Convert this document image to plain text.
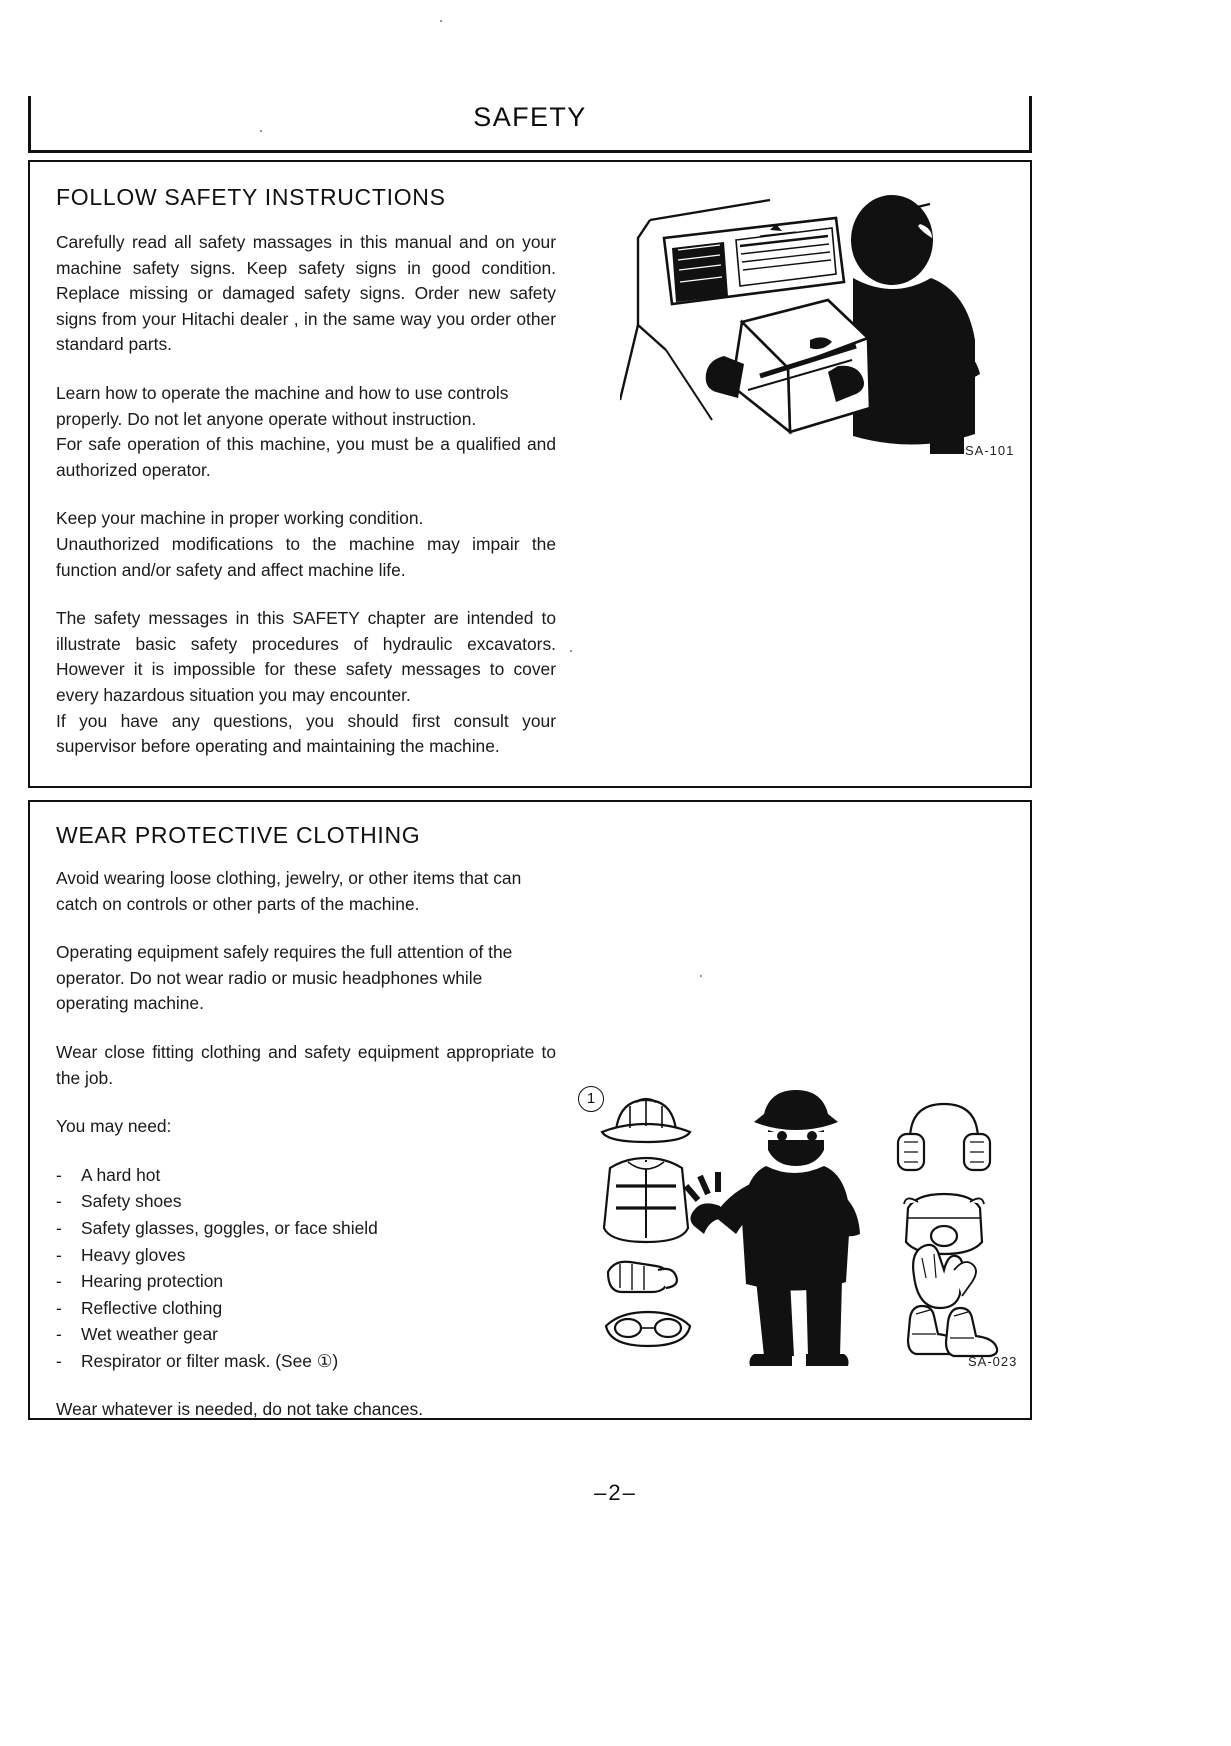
SAFETY
FOLLOW SAFETY INSTRUCTIONS

Carefully read all safety massages in this manual and on your machine safety signs. Keep safety signs in good condition. Replace missing or damaged safety signs. Order new safety signs from your Hitachi dealer , in the same way you order other standard parts.

Learn how to operate the machine and how to use controls properly. Do not let anyone operate without instruction.

For safe operation of this machine, you must be a qualified and authorized operator.

Keep your machine in proper working condition.

Unauthorized modifications to the machine may impair the function and/or safety and affect machine life.

The safety messages in this SAFETY chapter are intended to illustrate basic safety procedures of hydraulic excavators. However it is impossible for these safety messages to cover every hazardous situation you may encounter.

If you have any questions, you should first consult your supervisor before operating and maintaining the machine.

SA-101
WEAR PROTECTIVE CLOTHING

Avoid wearing loose clothing, jewelry, or other items that can catch on controls or other parts of the machine.

Operating equipment safely requires the full attention of the operator. Do not wear radio or music headphones while operating machine.

Wear close fitting clothing and safety equipment appropriate to the job.

You may need:

-	A hard hot
-	Safety shoes
-	Safety glasses, goggles, or face shield
-	Heavy gloves
-	Hearing protection
-	Reflective clothing
-	Wet weather gear
-	Respirator or filter mask. (See ①)

Wear whatever is needed, do not take chances.

1
SA-023
–2–
